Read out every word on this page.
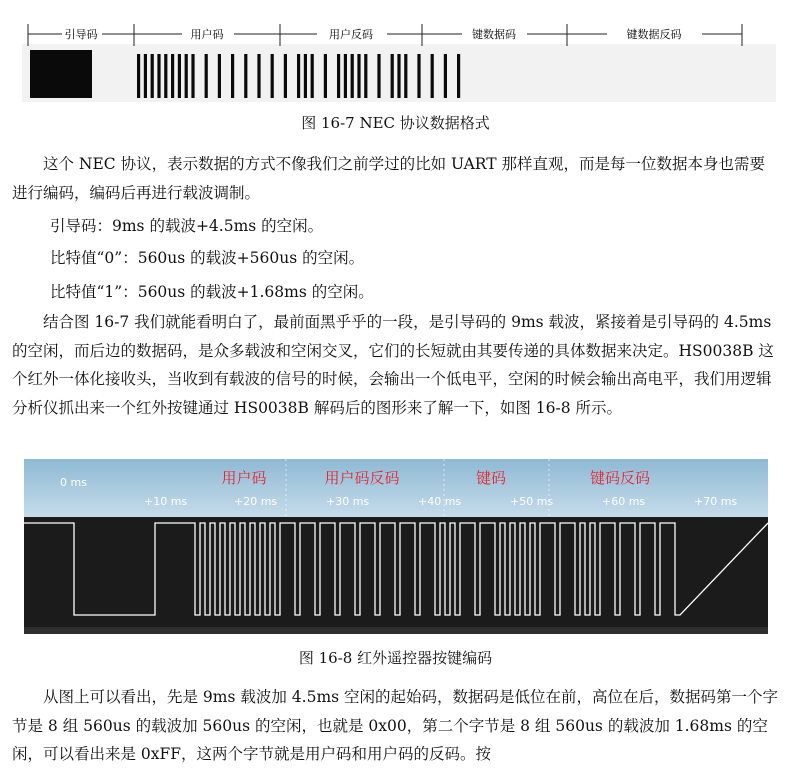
引导码	用户码	用户反码	键数据码	键数据反码
图 16-7 NEC 协议数据格式

这个 NEC 协议，表示数据的方式不像我们之前学过的比如 UART 那样直观，而是每一位数据本身也需要进行编码，编码后再进行载波调制。

引导码：9ms 的载波+4.5ms 的空闲。
比特值“0”：560us 的载波+560us 的空闲。
比特值“1”：560us 的载波+1.68ms 的空闲。

结合图 16-7 我们就能看明白了，最前面黑乎乎的一段，是引导码的 9ms 载波，紧接着是引导码的 4.5ms 的空闲，而后边的数据码，是众多载波和空闲交叉，它们的长短就由其要传递的具体数据来决定。HS0038B 这个红外一体化接收头，当收到有载波的信号的时候，会输出一个低电平，空闲的时候会输出高电平，我们用逻辑分析仪抓出来一个红外按键通过 HS0038B 解码后的图形来了解一下，如图 16-8 所示。

用户码	用户码反码	键码	键码反码
0 ms
+10 ms	+20 ms	+30 ms	+40 ms	+50 ms	+60 ms	+70 ms
图 16-8 红外遥控器按键编码

从图上可以看出，先是 9ms 载波加 4.5ms 空闲的起始码，数据码是低位在前，高位在后，数据码第一个字节是 8 组 560us 的载波加 560us 的空闲，也就是 0x00，第二个字节是 8 组 560us 的载波加 1.68ms 的空闲，可以看出来是 0xFF，这两个字节就是用户码和用户码的反码。按
